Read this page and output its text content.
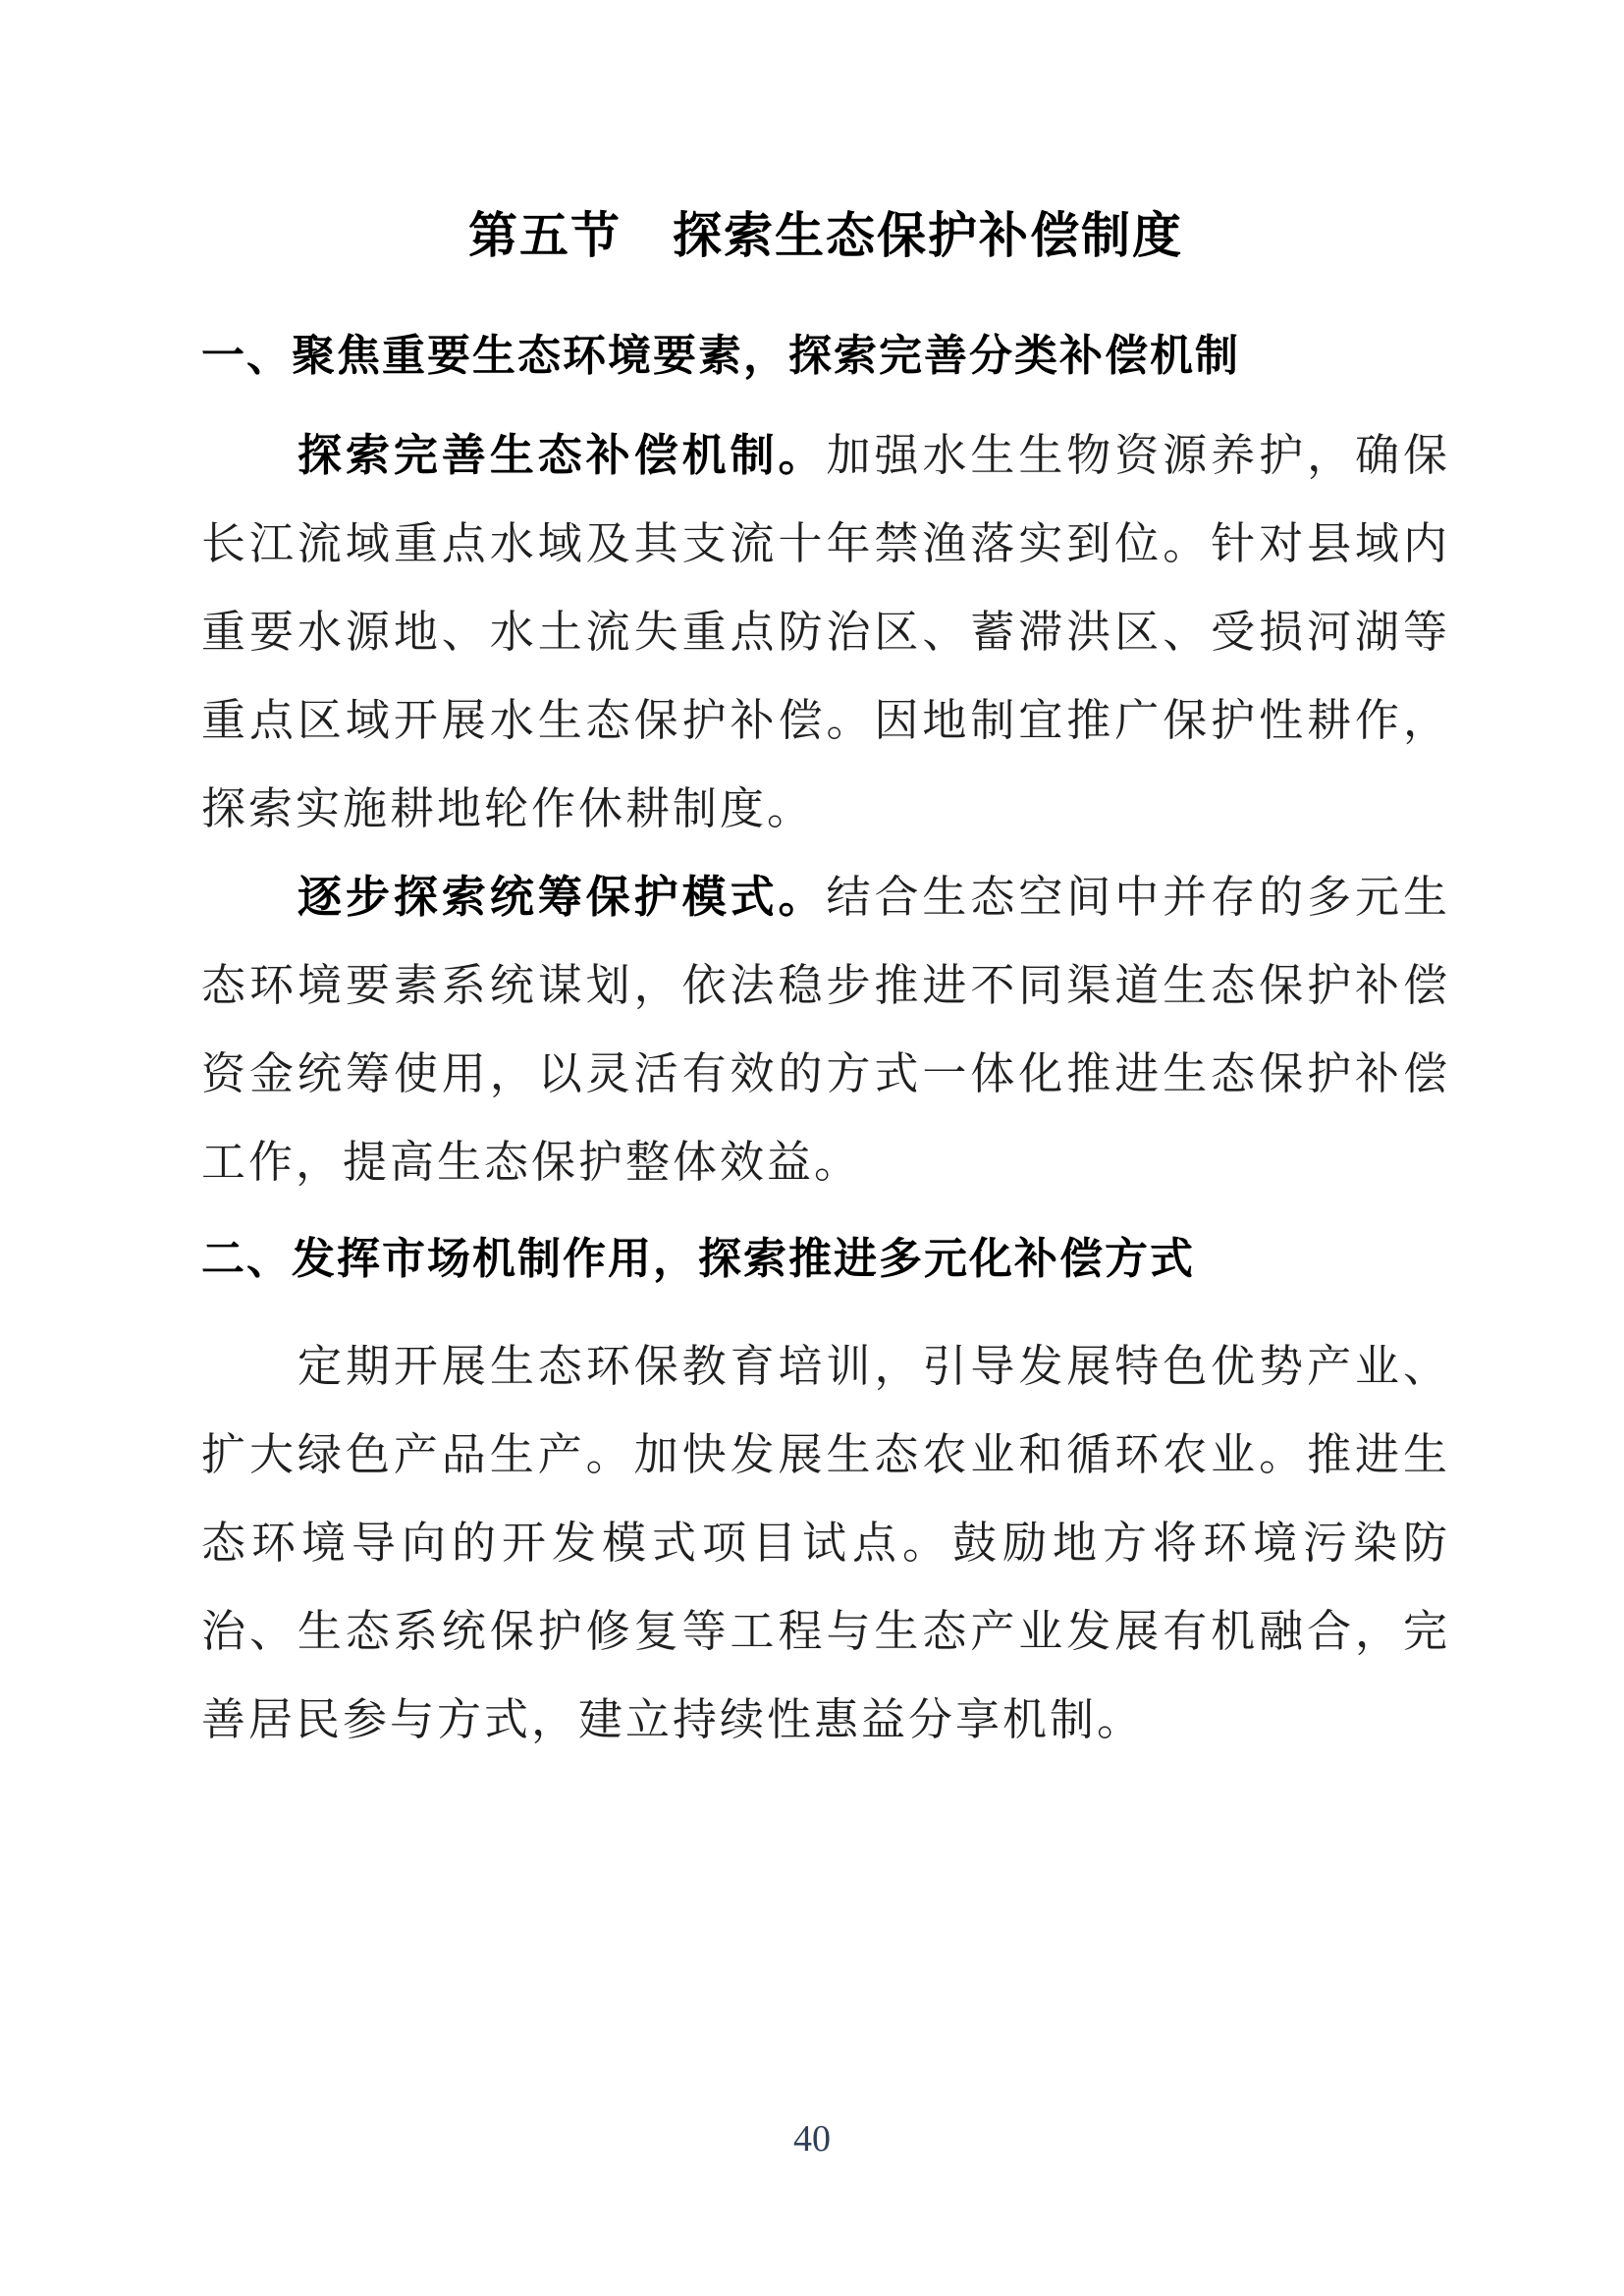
第五节　探索生态保护补偿制度
一、聚焦重要生态环境要素，探索完善分类补偿机制

探索完善生态补偿机制。加强水生生物资源养护，确保长江流域重点水域及其支流十年禁渔落实到位。针对县域内重要水源地、水土流失重点防治区、蓄滞洪区、受损河湖等重点区域开展水生态保护补偿。因地制宜推广保护性耕作，探索实施耕地轮作休耕制度。

逐步探索统筹保护模式。结合生态空间中并存的多元生态环境要素系统谋划，依法稳步推进不同渠道生态保护补偿资金统筹使用，以灵活有效的方式一体化推进生态保护补偿工作，提高生态保护整体效益。

二、发挥市场机制作用，探索推进多元化补偿方式

定期开展生态环保教育培训，引导发展特色优势产业、扩大绿色产品生产。加快发展生态农业和循环农业。推进生态环境导向的开发模式项目试点。鼓励地方将环境污染防治、生态系统保护修复等工程与生态产业发展有机融合，完善居民参与方式，建立持续性惠益分享机制。

40
